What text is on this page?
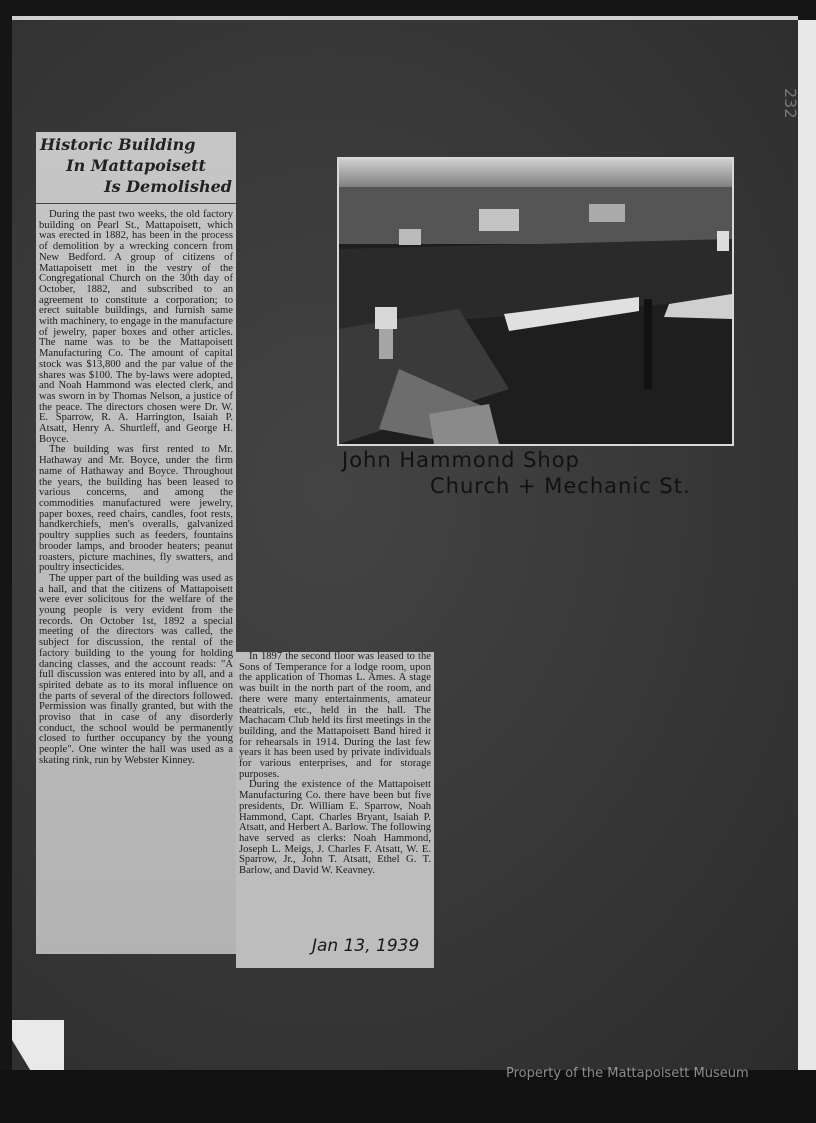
232
Historic Building
In Mattapoisett
Is Demolished

During the past two weeks, the old factory building on Pearl St., Mattapoisett, which was erected in 1882, has been in the process of demolition by a wrecking concern from New Bedford. A group of citizens of Mattapoisett met in the vestry of the Congregational Church on the 30th day of October, 1882, and subscribed to an agreement to constitute a corporation; to erect suitable buildings, and furnish same with machinery, to engage in the manufacture of jewelry, paper boxes and other articles. The name was to be the Mattapoisett Manufacturing Co. The amount of capital stock was $13,800 and the par value of the shares was $100. The by-laws were adopted, and Noah Hammond was elected clerk, and was sworn in by Thomas Nelson, a justice of the peace. The directors chosen were Dr. W. E. Sparrow, R. A. Harrington, Isaiah P. Atsatt, Henry A. Shurtleff, and George H. Boyce.

The building was first rented to Mr. Hathaway and Mr. Boyce, under the firm name of Hathaway and Boyce. Throughout the years, the building has been leased to various concerns, and among the commodities manufactured were jewelry, paper boxes, reed chairs, candles, foot rests, handkerchiefs, men's overalls, galvanized poultry supplies such as feeders, fountains brooder lamps, and brooder heaters; peanut roasters, picture machines, fly swatters, and poultry insecticides.

The upper part of the building was used as a hall, and that the citizens of Mattapoisett were ever solicitous for the welfare of the young people is very evident from the records. On October 1st, 1892 a special meeting of the directors was called, the subject for discussion, the rental of the factory building to the young for holding dancing classes, and the account reads: "A full discussion was entered into by all, and a spirited debate as to its moral influence on the parts of several of the directors followed. Permission was finally granted, but with the proviso that in case of any disorderly conduct, the school would be permanently closed to further occupancy by the young people". One winter the hall was used as a skating rink, run by Webster Kinney.

In 1897 the second floor was leased to the Sons of Temperance for a lodge room, upon the application of Thomas L. Ames. A stage was built in the north part of the room, and there were many entertainments, amateur theatricals, etc., held in the hall. The Machacam Club held its first meetings in the building, and the Mattapoisett Band hired it for rehearsals in 1914. During the last few years it has been used by private individuals for various enterprises, and for storage purposes.

During the existence of the Mattapoisett Manufacturing Co. there have been but five presidents, Dr. William E. Sparrow, Noah Hammond, Capt. Charles Bryant, Isaiah P. Atsatt, and Herbert A. Barlow. The following have served as clerks: Noah Hammond, Joseph L. Meigs, J. Charles F. Atsatt, W. E. Sparrow, Jr., John T. Atsatt, Ethel G. T. Barlow, and David W. Keavney.

Jan 13, 1939
John Hammond Shop
Church + Mechanic St.
Property of the Mattapoisett Museum
